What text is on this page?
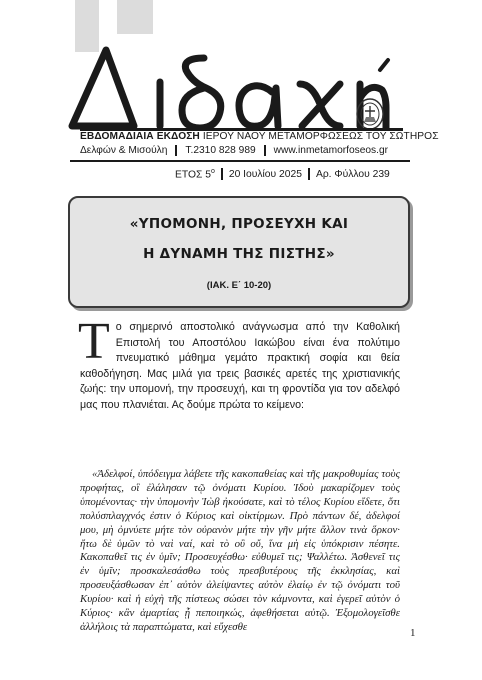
ΕΒΔΟΜΑΔΙΑΙΑ ΕΚΔΟΣΗ ΙΕΡΟΥ ΝΑΟΥ ΜΕΤΑΜΟΡΦΩΣΕΩΣ ΤΟΥ ΣΩΤΗΡΟΣ
Δελφών & Μισούλη Τ.2310 828 989 www.inmetamorfoseos.gr
ΕΤΟΣ $5^o$ 20 Ιουλίου 2025 Αρ. Φύλλου 239
«ΥΠΟΜΟΝΗ, ΠΡΟΣΕΥΧΗ ΚΑΙ
Η ΔΥΝΑΜΗ ΤΗΣ ΠΙΣΤΗΣ»
(ΙΑΚ. Ε΄ 10-20)

Το σημερινό αποστολικό ανάγνωσμα από την Καθολική Επιστολή του Αποστόλου Ιακώβου είναι ένα πολύτιμο πνευματικό μάθημα γεμάτο πρακτική σοφία και θεία καθοδήγηση. Μας μιλά για τρεις βασικές αρετές της χριστιανικής ζωής: την υπομονή, την προσευχή, και τη φροντίδα για τον αδελφό μας που πλανιέται. Ας δούμε πρώτα το κείμενο:

«Ἀδελφοί, ὑπόδειγμα λάβετε τῆς κακοπαθείας καὶ τῆς μακροθυμίας τοὺς προφήτας, οἳ ἐλάλησαν τῷ ὀνόματι Κυρίου. Ἰδοὺ μακαρίζομεν τοὺς ὑπομένοντας· τὴν ὑπομονὴν Ἰὼβ ἠκούσατε, καὶ τὸ τέλος Κυρίου εἴδετε, ὅτι πολύσπλαγχνός ἐστιν ὁ Κύριος καὶ οἰκτίρμων. Πρὸ πάντων δέ, ἀδελφοί μου, μὴ ὀμνύετε μήτε τὸν οὐρανὸν μήτε τὴν γῆν μήτε ἄλλον τινὰ ὅρκον· ἤτω δὲ ὑμῶν τὸ ναὶ ναί, καὶ τὸ οὒ οὔ, ἵνα μὴ εἰς ὑπόκρισιν πέσητε. Κακοπαθεῖ τις ἐν ὑμῖν; Προσευχέσθω· εὐθυμεῖ τις; Ψαλλέτω. Ἀσθενεῖ τις ἐν ὑμῖν; προσκαλεσάσθω τοὺς πρεσβυτέρους τῆς ἐκκλησίας, καὶ προσευξάσθωσαν ἐπ᾽ αὐτὸν ἀλείψαντες αὐτὸν ἐλαίῳ ἐν τῷ ὀνόματι τοῦ Κυρίου· καὶ ἡ εὐχὴ τῆς πίστεως σώσει τὸν κάμνοντα, καὶ ἐγερεῖ αὐτὸν ὁ Κύριος· κἂν ἁμαρτίας ᾖ πεποιηκώς, ἀφεθήσεται αὐτῷ. Ἐξομολογεῖσθε ἀλλήλοις τὰ παραπτώματα, καὶ εὔχεσθε

1
